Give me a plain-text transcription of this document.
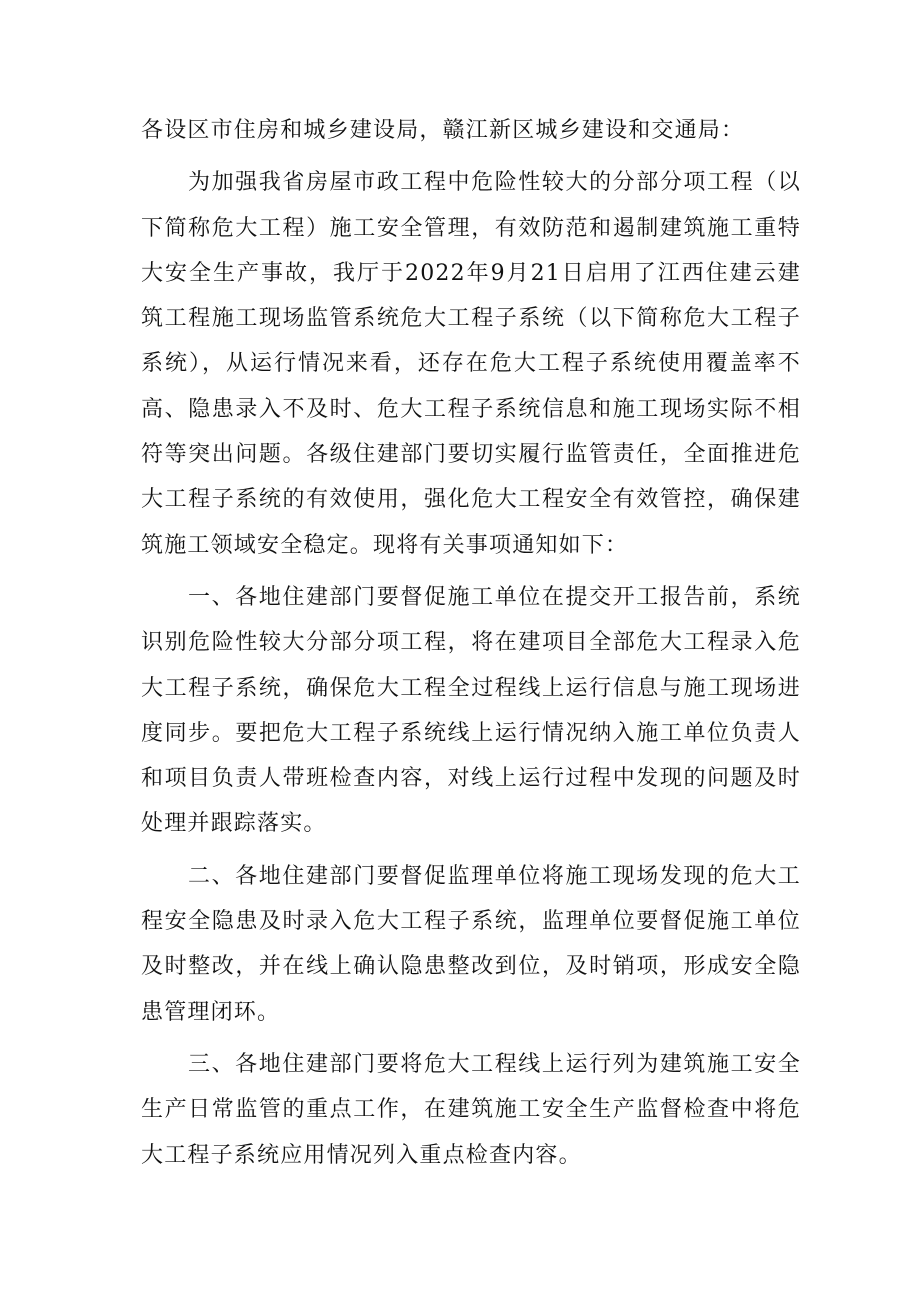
各设区市住房和城乡建设局，赣江新区城乡建设和交通局：

为加强我省房屋市政工程中危险性较大的分部分项工程（以下简称危大工程）施工安全管理，有效防范和遏制建筑施工重特大安全生产事故，我厅于2022年9月21日启用了江西住建云建筑工程施工现场监管系统危大工程子系统（以下简称危大工程子系统），从运行情况来看，还存在危大工程子系统使用覆盖率不高、隐患录入不及时、危大工程子系统信息和施工现场实际不相符等突出问题。各级住建部门要切实履行监管责任，全面推进危大工程子系统的有效使用，强化危大工程安全有效管控，确保建筑施工领域安全稳定。现将有关事项通知如下：

一、各地住建部门要督促施工单位在提交开工报告前，系统识别危险性较大分部分项工程，将在建项目全部危大工程录入危大工程子系统，确保危大工程全过程线上运行信息与施工现场进度同步。要把危大工程子系统线上运行情况纳入施工单位负责人和项目负责人带班检查内容，对线上运行过程中发现的问题及时处理并跟踪落实。

二、各地住建部门要督促监理单位将施工现场发现的危大工程安全隐患及时录入危大工程子系统，监理单位要督促施工单位及时整改，并在线上确认隐患整改到位，及时销项，形成安全隐患管理闭环。

三、各地住建部门要将危大工程线上运行列为建筑施工安全生产日常监管的重点工作，在建筑施工安全生产监督检查中将危大工程子系统应用情况列入重点检查内容。
